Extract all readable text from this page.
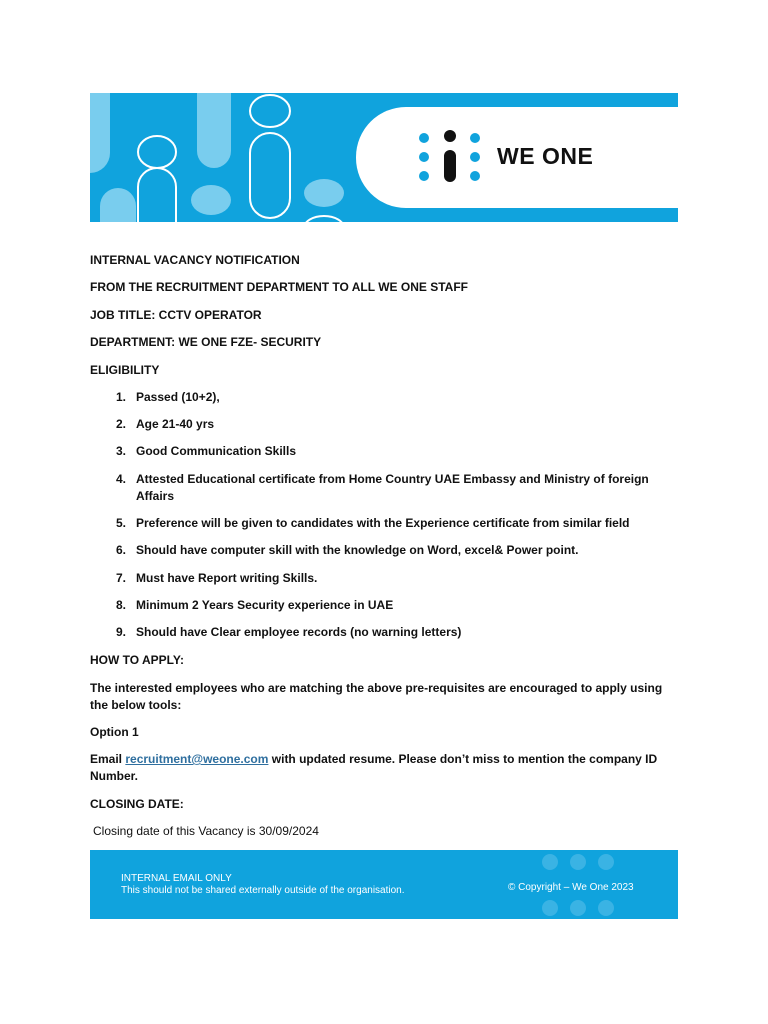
WE ONE
INTERNAL VACANCY NOTIFICATION
FROM THE RECRUITMENT DEPARTMENT TO ALL WE ONE STAFF
JOB TITLE: CCTV OPERATOR
DEPARTMENT: WE ONE FZE- SECURITY
ELIGIBILITY
1. Passed (10+2),
2. Age 21-40 yrs
3. Good Communication Skills
4. Attested Educational certificate from Home Country UAE Embassy and Ministry of foreign Affairs
5. Preference will be given to candidates with the Experience certificate from similar field
6. Should have computer skill with the knowledge on Word, excel& Power point.
7. Must have Report writing Skills.
8. Minimum 2 Years Security experience in UAE
9. Should have Clear employee records (no warning letters)
HOW TO APPLY:
The interested employees who are matching the above pre-requisites are encouraged to apply using the below tools:
Option 1
Email recruitment@weone.com with updated resume. Please don’t miss to mention the company ID Number.
CLOSING DATE:
Closing date of this Vacancy is 30/09/2024
INTERNAL EMAIL ONLY
This should not be shared externally outside of the organisation.	© Copyright – We One 2023
